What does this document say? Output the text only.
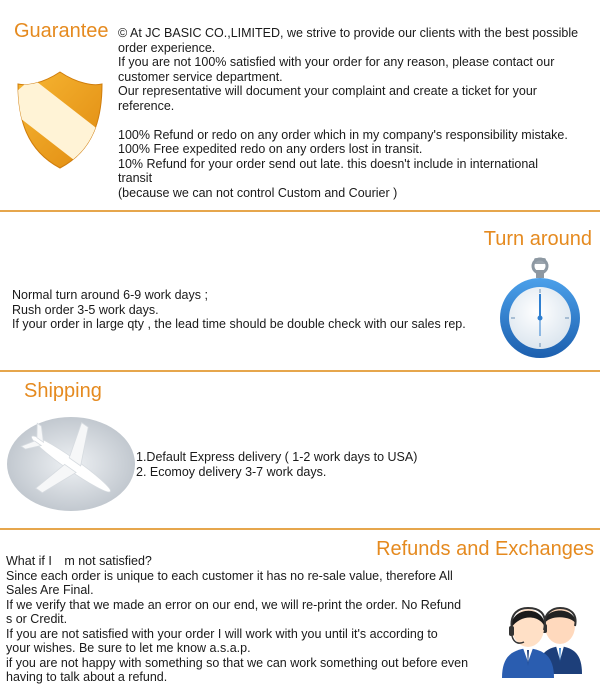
Guarantee © At JC BASIC CO.,LIMITED, we strive to provide our clients with the best possible
order experience.
If you are not 100% satisfied with your order for any reason, please contact our
customer service department.
Our representative will document your complaint and create a ticket for your
reference.
100% Refund or redo on any order which in my company's responsibility mistake.
100% Free expedited redo on any orders lost in transit.
10% Refund for your order send out late. this doesn't include in international
transit
(because we can not control Custom and Courier )
Turn around
Normal turn around 6-9 work days ;
Rush order 3-5 work days.
If your order in large qty , the lead time should be double check with our sales rep.
Shipping
1.Default Express delivery ( 1-2 work days to USA)
2. Ecomoy delivery 3-7 work days.
Refunds and Exchanges
What if I　m not satisfied?
Since each order is unique to each customer it has no re-sale value, therefore All
Sales Are Final.
If we verify that we made an error on our end, we will re-print the order. No Refund
s or Credit.
If you are not satisfied with your order I will work with you until it's according to
your wishes. Be sure to let me know a.s.a.p.
if you are not happy with something so that we can work something out before even
having to talk about a refund.
